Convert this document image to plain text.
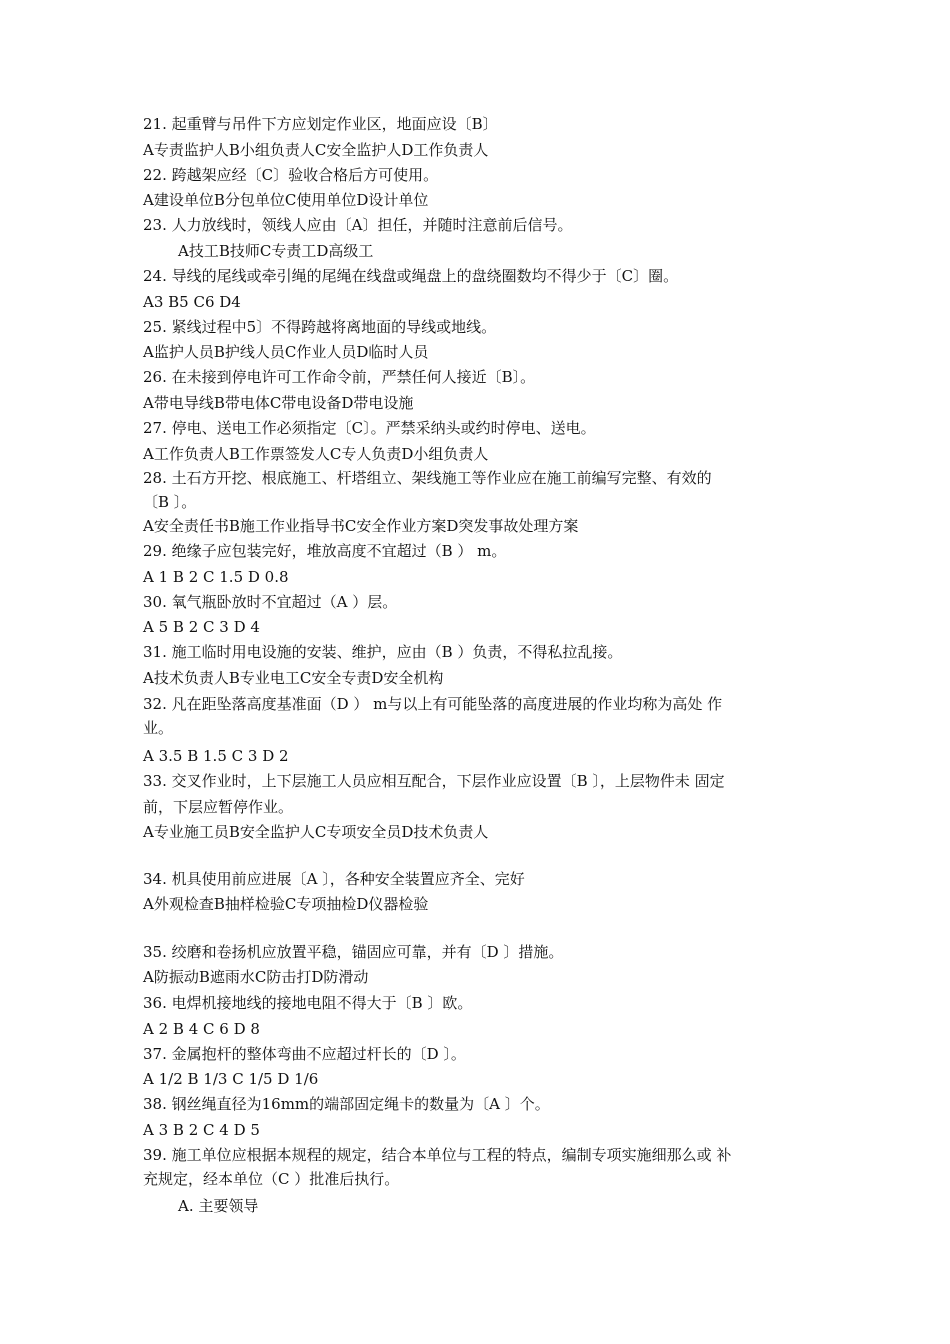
21. 起重臂与吊件下方应划定作业区，地面应设〔B〕
A专责监护人B小组负责人C安全监护人D工作负责人
22. 跨越架应经〔C〕验收合格后方可使用。
A建设单位B分包单位C使用单位D设计单位
23. 人力放线时，领线人应由〔A〕担任，并随时注意前后信号。
A技工B技师C专责工D高级工
24. 导线的尾线或牵引绳的尾绳在线盘或绳盘上的盘绕圈数均不得少于〔C〕圈。
A3 B5 C6 D4
25. 紧线过程中5〕不得跨越将离地面的导线或地线。
A监护人员B护线人员C作业人员D临时人员
26. 在未接到停电许可工作命令前，严禁任何人接近〔B〕。
A带电导线B带电体C带电设备D带电设施
27. 停电、送电工作必须指定〔C〕。严禁采纳头或约时停电、送电。
A工作负责人B工作票签发人C专人负责D小组负责人
28. 土石方开挖、根底施工、杆塔组立、架线施工等作业应在施工前编写完整、有效的
〔B 〕。
A安全责任书B施工作业指导书C安全作业方案D突发事故处理方案
29. 绝缘子应包装完好，堆放高度不宜超过（B ） m。
A 1 B 2 C 1.5 D 0.8
30. 氧气瓶卧放时不宜超过（A ）层。
A 5 B 2 C 3 D 4
31. 施工临时用电设施的安装、维护，应由（B ）负责，不得私拉乱接。
A技术负责人B专业电工C安全专责D安全机构
32. 凡在距坠落高度基准面（D ） m与以上有可能坠落的高度进展的作业均称为高处 作
业。
A 3.5 B 1.5 C 3 D 2
33. 交叉作业时，上下层施工人员应相互配合，下层作业应设置〔B 〕，上层物件未 固定
前，下层应暂停作业。
A专业施工员B安全监护人C专项安全员D技术负责人
34. 机具使用前应进展〔A 〕，各种安全装置应齐全、完好
A外观检查B抽样检验C专项抽检D仪器检验
35. 绞磨和卷扬机应放置平稳，锚固应可靠，并有〔D 〕措施。
A防振动B遮雨水C防击打D防滑动
36. 电焊机接地线的接地电阻不得大于〔B 〕欧。
A 2 B 4 C 6 D 8
37. 金属抱杆的整体弯曲不应超过杆长的〔D 〕。
A 1/2 B 1/3 C 1/5 D 1/6
38. 钢丝绳直径为16mm的端部固定绳卡的数量为〔A 〕个。
A 3 B 2 C 4 D 5
39. 施工单位应根据本规程的规定，结合本单位与工程的特点，编制专项实施细那么或 补
充规定，经本单位（C ）批准后执行。
A. 主要领导
